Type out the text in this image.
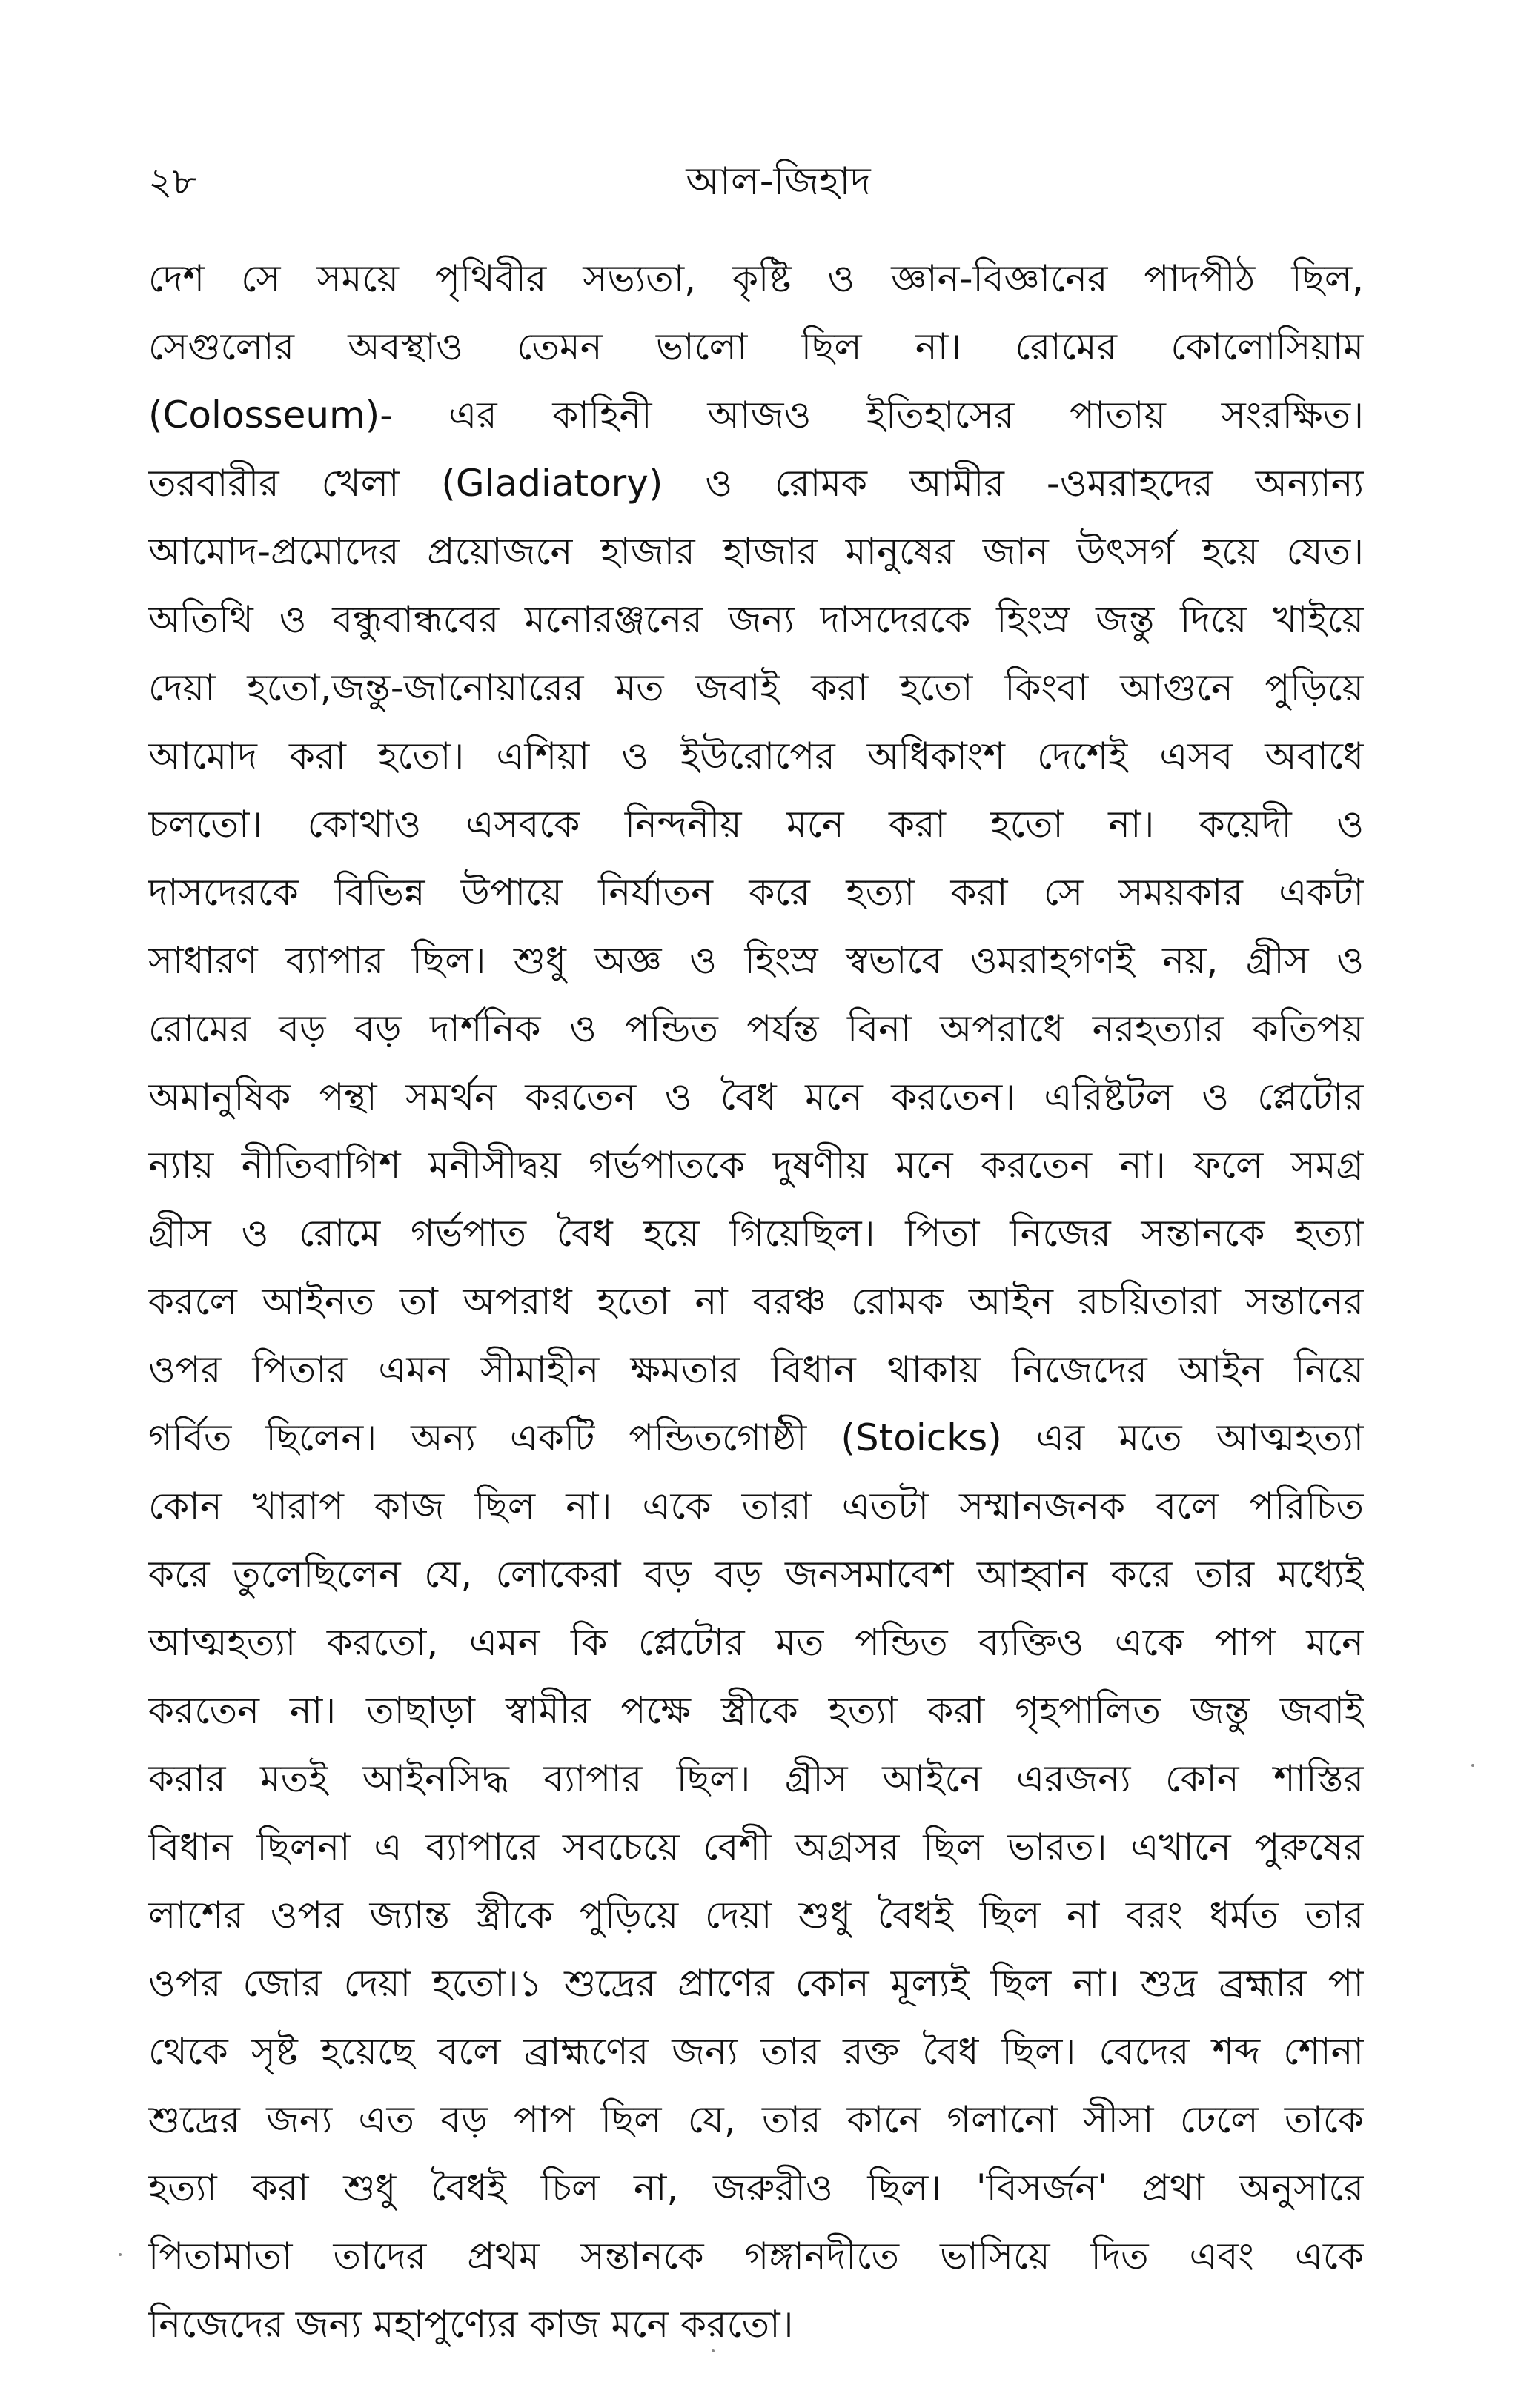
২৮	আল-জিহাদ
দেশ সে সময়ে পৃথিবীর সভ্যতা, কৃষ্টি ও জ্ঞান-বিজ্ঞানের পাদপীঠ ছিল,
সেগুলোর অবস্থাও তেমন ভালো ছিল না। রোমের কোলোসিয়াম
(Colosseum)- এর কাহিনী আজও ইতিহাসের পাতায় সংরক্ষিত।
তরবারীর খেলা (Gladiatory) ও রোমক আমীর -ওমরাহদের অন্যান্য
আমোদ-প্রমোদের প্রয়োজনে হাজার হাজার মানুষের জান উৎসর্গ হয়ে যেত।
অতিথি ও বন্ধুবান্ধবের মনোরঞ্জনের জন্য দাসদেরকে হিংস্র জন্তু দিয়ে খাইয়ে
দেয়া হতো,জন্তু-জানোয়ারের মত জবাই করা হতো কিংবা আগুনে পুড়িয়ে
আমোদ করা হতো। এশিয়া ও ইউরোপের অধিকাংশ দেশেই এসব অবাধে
চলতো। কোথাও এসবকে নিন্দনীয় মনে করা হতো না। কয়েদী ও
দাসদেরকে বিভিন্ন উপায়ে নির্যাতন করে হত্যা করা সে সময়কার একটা
সাধারণ ব্যাপার ছিল। শুধু অজ্ঞ ও হিংস্র স্বভাবে ওমরাহগণই নয়, গ্রীস ও
রোমের বড় বড় দার্শনিক ও পন্ডিত পর্যন্ত বিনা অপরাধে নরহত্যার কতিপয়
অমানুষিক পন্থা সমর্থন করতেন ও বৈধ মনে করতেন। এরিষ্টটল ও প্লেটোর
ন্যায় নীতিবাগিশ মনীসীদ্বয় গর্ভপাতকে দুষণীয় মনে করতেন না। ফলে সমগ্র
গ্রীস ও রোমে গর্ভপাত বৈধ হয়ে গিয়েছিল। পিতা নিজের সন্তানকে হত্যা
করলে আইনত তা অপরাধ হতো না বরঞ্চ রোমক আইন রচয়িতারা সন্তানের
ওপর পিতার এমন সীমাহীন ক্ষমতার বিধান থাকায় নিজেদের আইন নিয়ে
গর্বিত ছিলেন। অন্য একটি পন্ডিতগোষ্ঠী (Stoicks) এর মতে আত্মহত্যা
কোন খারাপ কাজ ছিল না। একে তারা এতটা সম্মানজনক বলে পরিচিত
করে তুলেছিলেন যে, লোকেরা বড় বড় জনসমাবেশ আহ্বান করে তার মধ্যেই
আত্মহত্যা করতো, এমন কি প্লেটোর মত পন্ডিত ব্যক্তিও একে পাপ মনে
করতেন না। তাছাড়া স্বামীর পক্ষে স্ত্রীকে হত্যা করা গৃহপালিত জন্তু জবাই
করার মতই আইনসিদ্ধ ব্যাপার ছিল। গ্রীস আইনে এরজন্য কোন শাস্তির
বিধান ছিলনা এ ব্যাপারে সবচেয়ে বেশী অগ্রসর ছিল ভারত। এখানে পুরুষের
লাশের ওপর জ্যান্ত স্ত্রীকে পুড়িয়ে দেয়া শুধু বৈধই ছিল না বরং ধর্মত তার
ওপর জোর দেয়া হতো।১ শুদ্রের প্রাণের কোন মূল্যই ছিল না। শুদ্র ব্রহ্মার পা
থেকে সৃষ্ট হয়েছে বলে ব্রাহ্মণের জন্য তার রক্ত বৈধ ছিল। বেদের শব্দ শোনা
শুদ্রের জন্য এত বড় পাপ ছিল যে, তার কানে গলানো সীসা ঢেলে তাকে
হত্যা করা শুধু বৈধই চিল না, জরুরীও ছিল। 'বিসর্জন' প্রথা অনুসারে
পিতামাতা তাদের প্রথম সন্তানকে গঙ্গানদীতে ভাসিয়ে দিত এবং একে
নিজেদের জন্য মহাপুণ্যের কাজ মনে করতো।
